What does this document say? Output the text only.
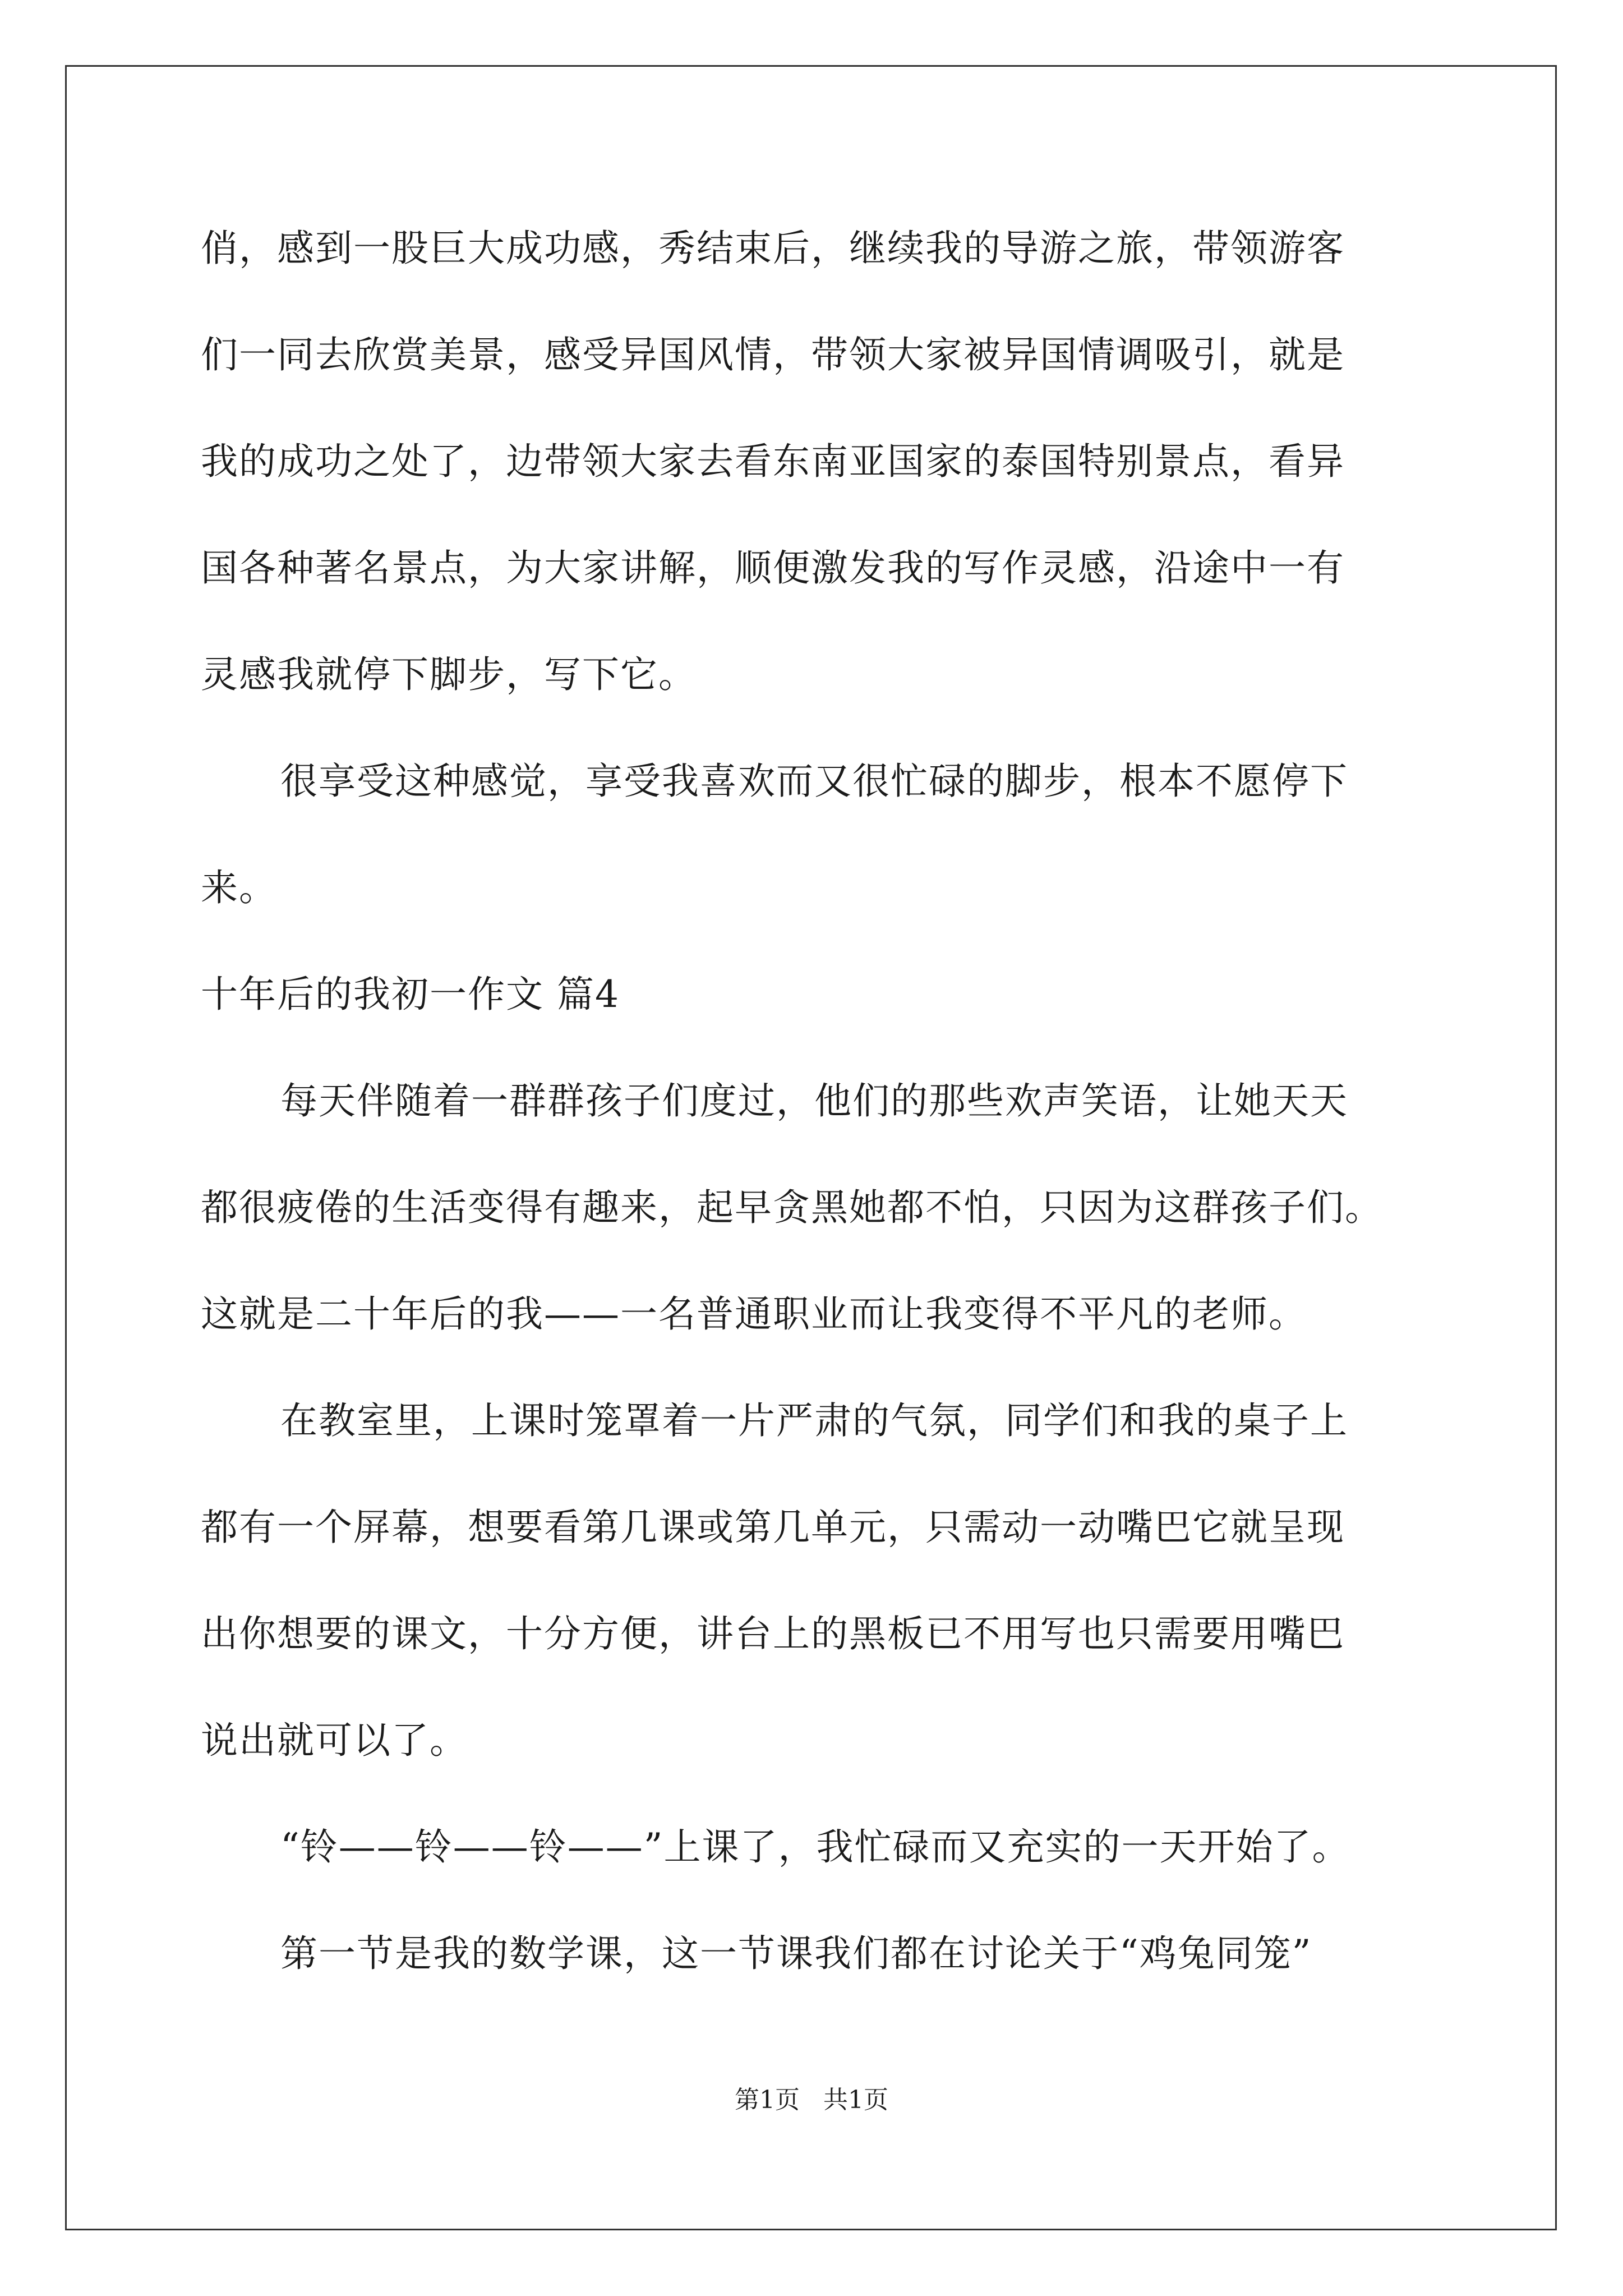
俏，感到一股巨大成功感，秀结束后，继续我的导游之旅，带领游客
们一同去欣赏美景，感受异国风情，带领大家被异国情调吸引，就是
我的成功之处了，边带领大家去看东南亚国家的泰国特别景点，看异
国各种著名景点，为大家讲解，顺便激发我的写作灵感，沿途中一有
灵感我就停下脚步，写下它。
很享受这种感觉，享受我喜欢而又很忙碌的脚步，根本不愿停下
来。
十年后的我初一作文 篇4
每天伴随着一群群孩子们度过，他们的那些欢声笑语，让她天天
都很疲倦的生活变得有趣来，起早贪黑她都不怕，只因为这群孩子们。
这就是二十年后的我——一名普通职业而让我变得不平凡的老师。
在教室里，上课时笼罩着一片严肃的气氛，同学们和我的桌子上
都有一个屏幕，想要看第几课或第几单元，只需动一动嘴巴它就呈现
出你想要的课文，十分方便，讲台上的黑板已不用写也只需要用嘴巴
说出就可以了。
“铃——铃——铃——”上课了，我忙碌而又充实的一天开始了。
第一节是我的数学课，这一节课我们都在讨论关于“鸡兔同笼”
第1页   共1页
